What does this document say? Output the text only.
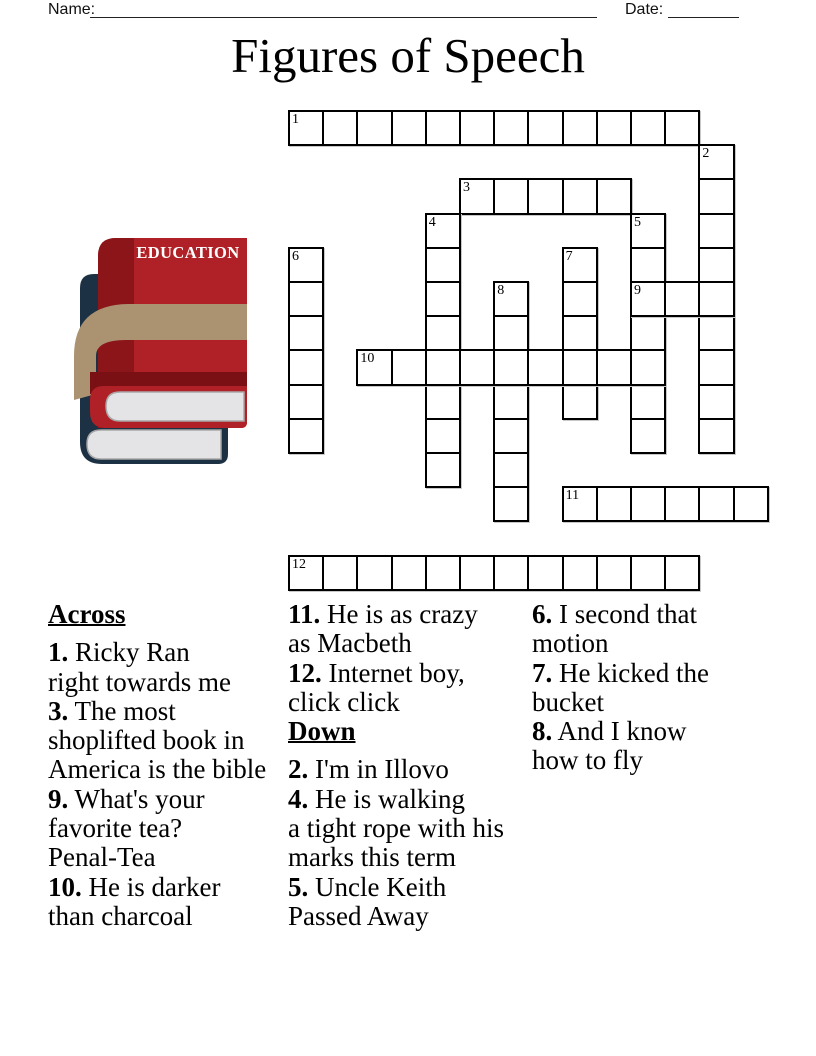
Name:	Date:
Figures of Speech
EDUCATION
1
2
3
4	5
6	7
8	9
10
11
12
Across
1. Ricky Ran
right towards me
3. The most
shoplifted book in
America is the bible
9. What's your
favorite tea?
Penal-Tea
10. He is darker
than charcoal
11. He is as crazy
as Macbeth
12. Internet boy,
click click
Down
2. I'm in Illovo
4. He is walking
a tight rope with his
marks this term
5. Uncle Keith
Passed Away
6. I second that
motion
7. He kicked the
bucket
8. And I know
how to fly
